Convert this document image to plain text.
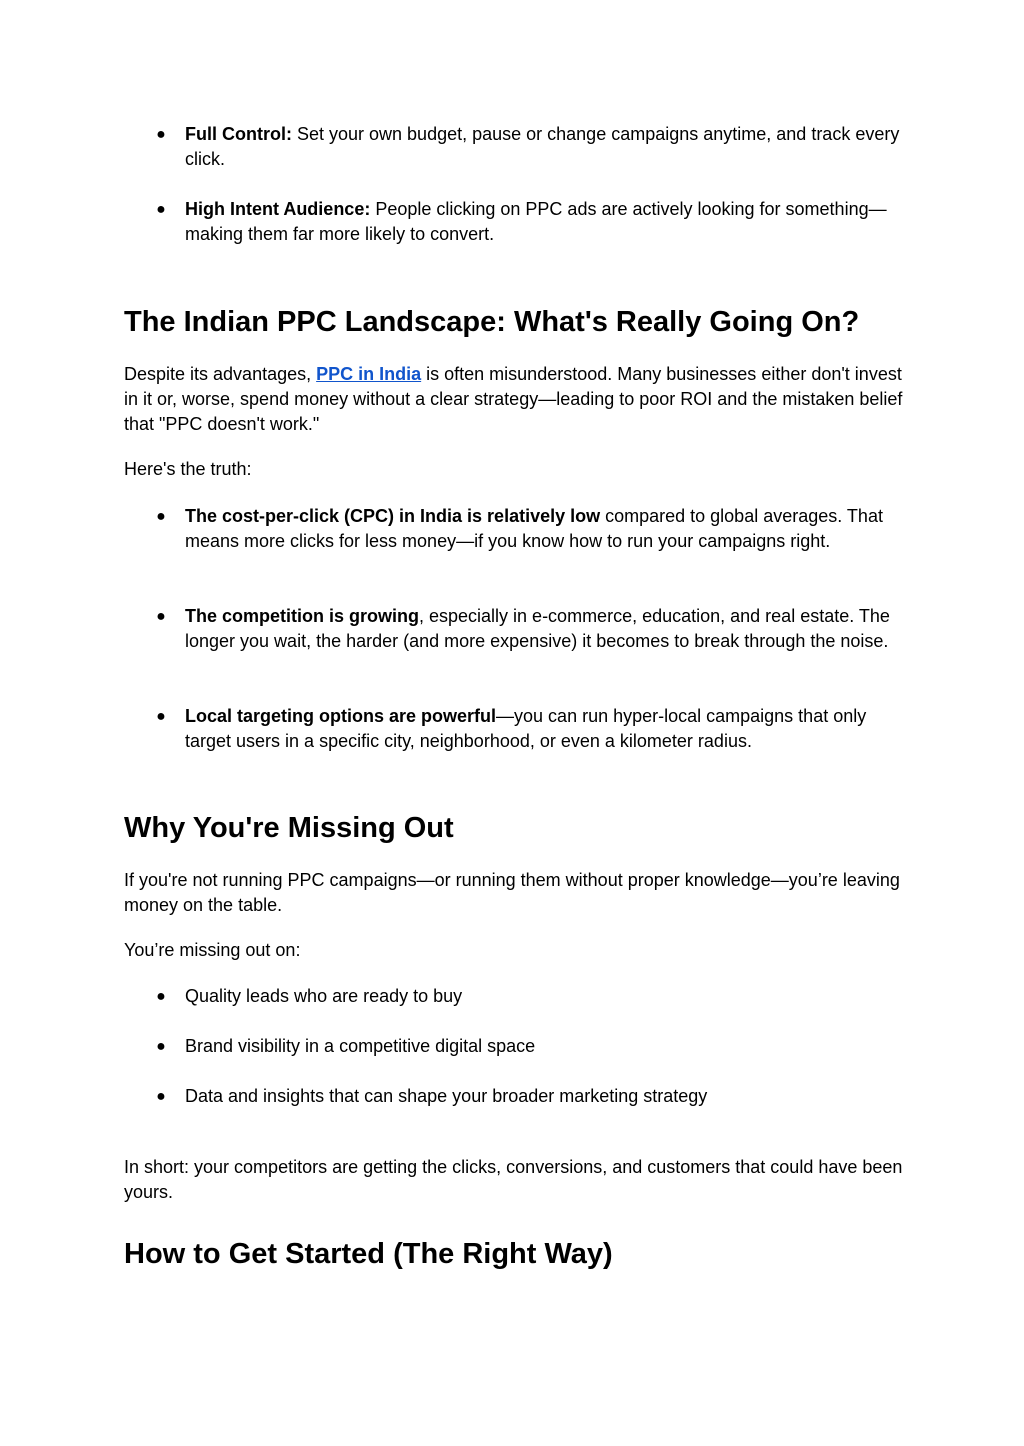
● Full Control: Set your own budget, pause or change campaigns anytime, and track every click.
● High Intent Audience: People clicking on PPC ads are actively looking for something—making them far more likely to convert.
The Indian PPC Landscape: What's Really Going On?

Despite its advantages, PPC in India is often misunderstood. Many businesses either don't invest in it or, worse, spend money without a clear strategy—leading to poor ROI and the mistaken belief that "PPC doesn't work."

Here's the truth:

● The cost-per-click (CPC) in India is relatively low compared to global averages. That means more clicks for less money—if you know how to run your campaigns right.
● The competition is growing, especially in e-commerce, education, and real estate. The longer you wait, the harder (and more expensive) it becomes to break through the noise.
● Local targeting options are powerful—you can run hyper-local campaigns that only target users in a specific city, neighborhood, or even a kilometer radius.
Why You're Missing Out

If you're not running PPC campaigns—or running them without proper knowledge—you’re leaving money on the table.

You’re missing out on:

● Quality leads who are ready to buy
● Brand visibility in a competitive digital space
● Data and insights that can shape your broader marketing strategy

In short: your competitors are getting the clicks, conversions, and customers that could have been yours.

How to Get Started (The Right Way)
